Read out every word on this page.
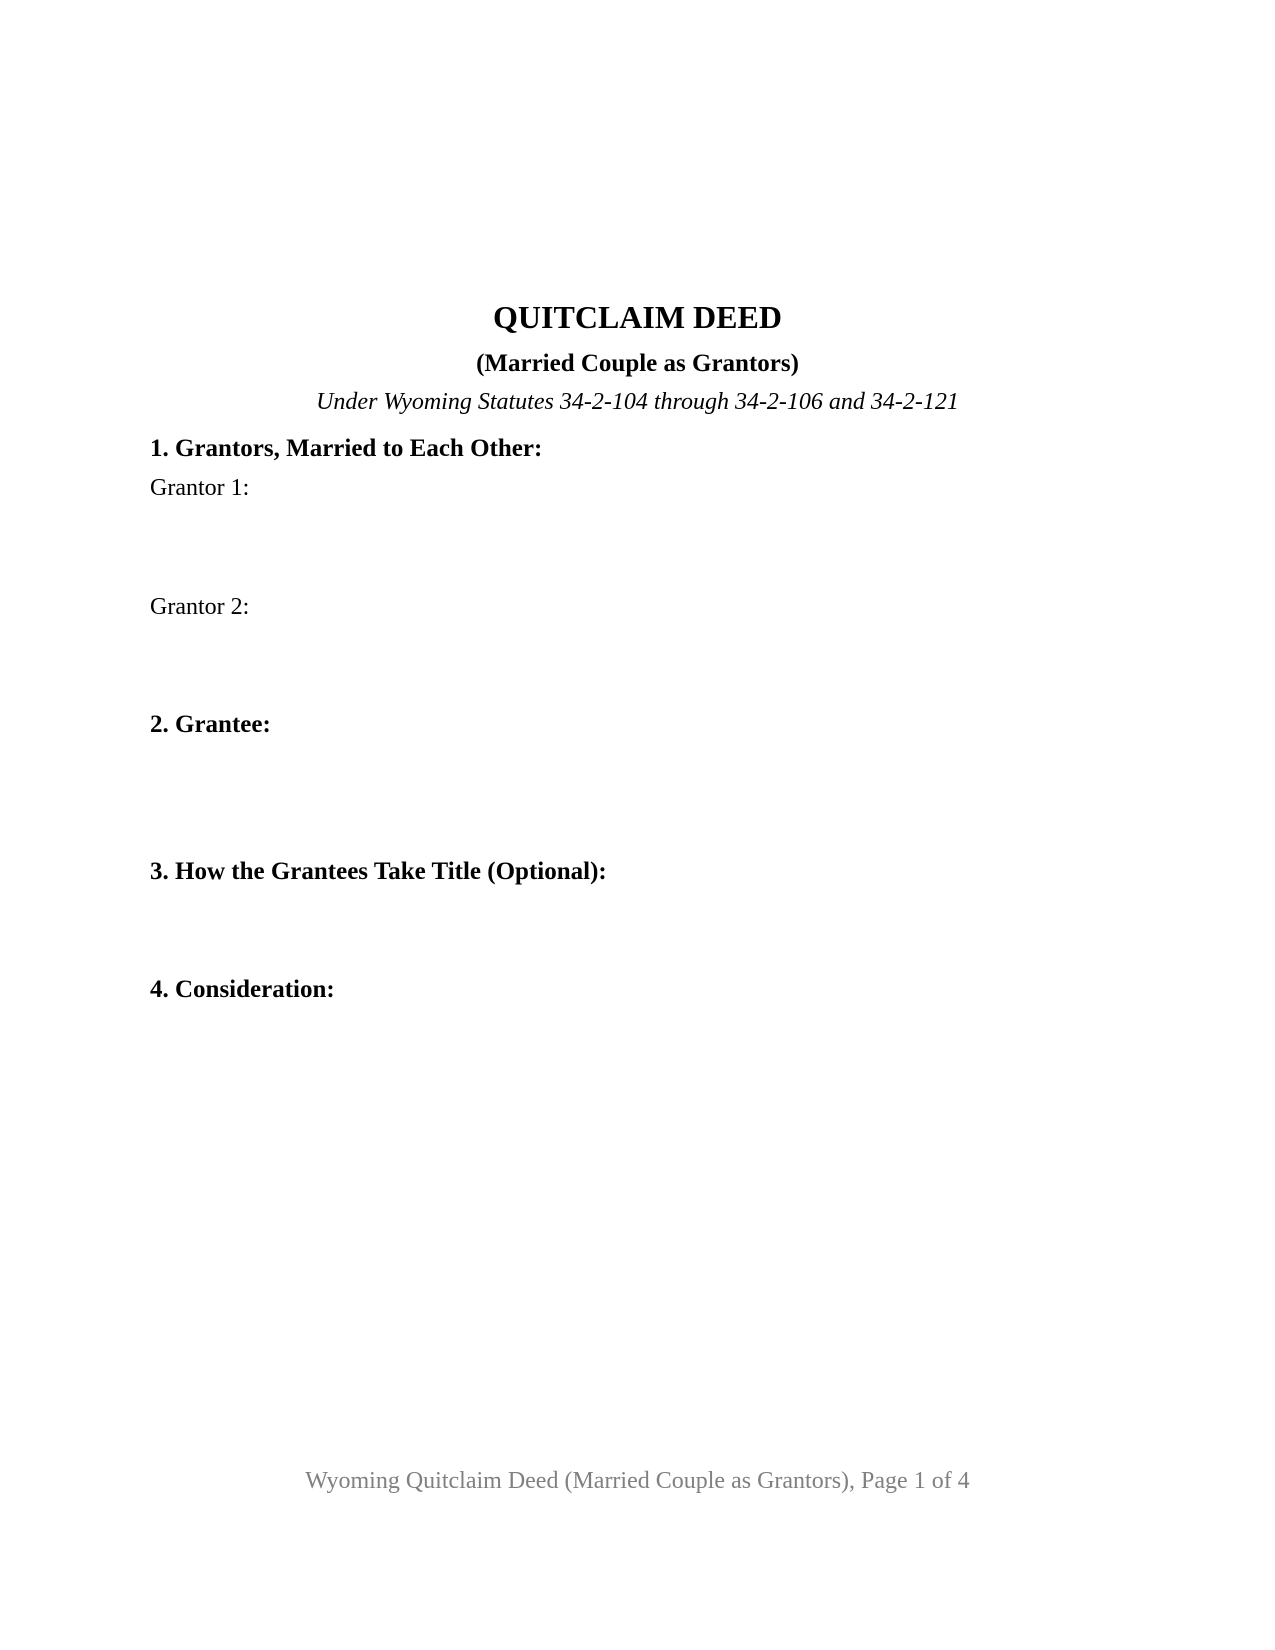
QUITCLAIM DEED
(Married Couple as Grantors)
Under Wyoming Statutes 34-2-104 through 34-2-106 and 34-2-121
1. Grantors, Married to Each Other:
Grantor 1:
Grantor 2:
2. Grantee:
3. How the Grantees Take Title (Optional):
4. Consideration:
Wyoming Quitclaim Deed (Married Couple as Grantors), Page 1 of 4
